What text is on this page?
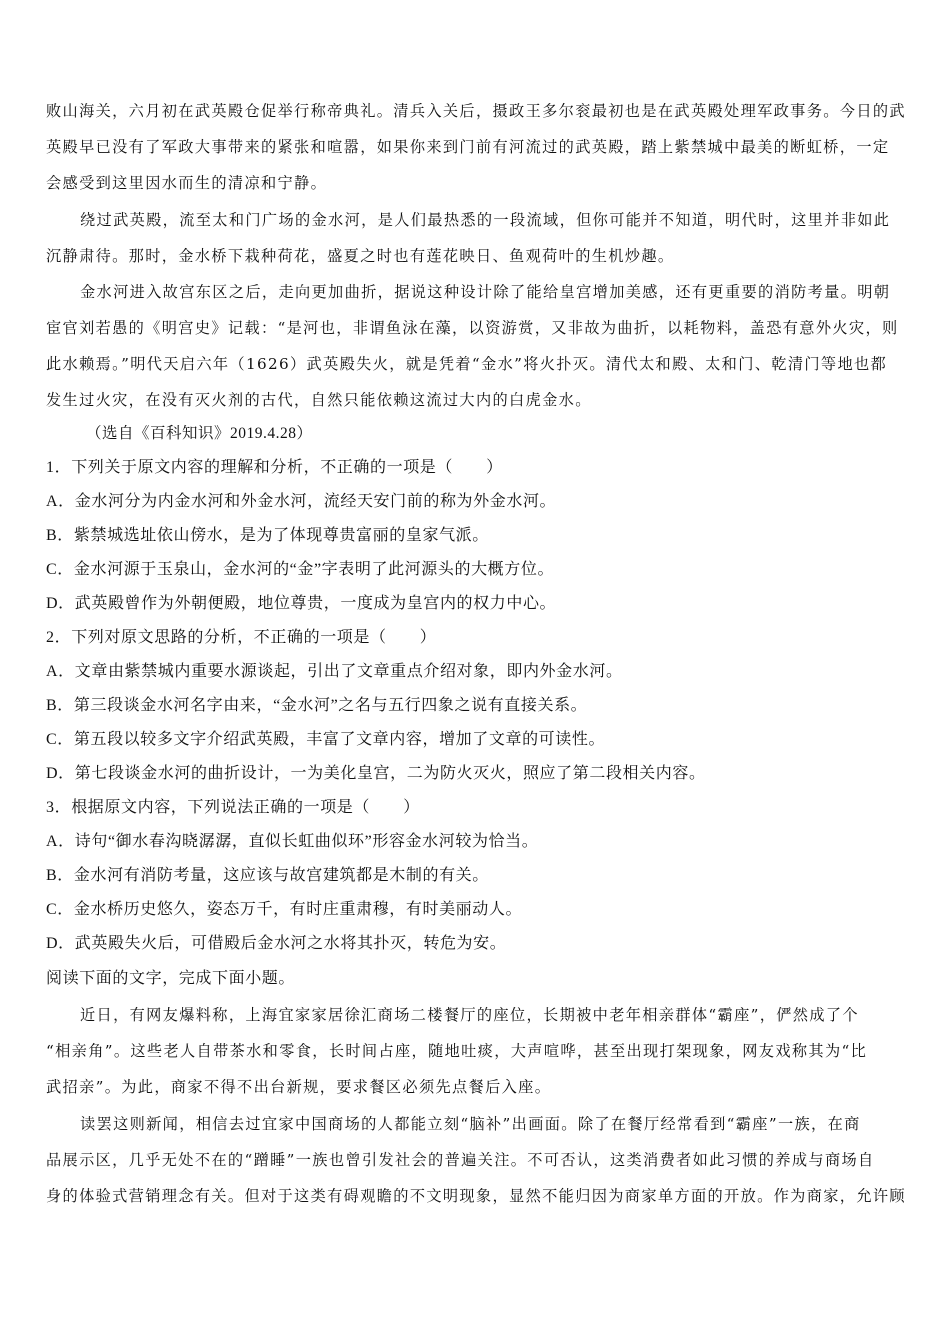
败山海关，六月初在武英殿仓促举行称帝典礼。清兵入关后，摄政王多尔衮最初也是在武英殿处理军政事务。今日的武
英殿早已没有了军政大事带来的紧张和喧嚣，如果你来到门前有河流过的武英殿，踏上紫禁城中最美的断虹桥，一定
会感受到这里因水而生的清凉和宁静。
绕过武英殿，流至太和门广场的金水河，是人们最热悉的一段流域，但你可能并不知道，明代时，这里并非如此
沉静肃待。那时，金水桥下栽种荷花，盛夏之时也有莲花映日、鱼观荷叶的生机炒趣。
金水河进入故宫东区之后，走向更加曲折，据说这种设计除了能给皇宫增加美感，还有更重要的消防考量。明朝
宦官刘若愚的《明宫史》记载：“是河也，非谓鱼泳在藻，以资游赏，又非故为曲折，以耗物料，盖恐有意外火灾，则
此水赖焉。”明代天启六年（1626）武英殿失火，就是凭着“金水”将火扑灭。清代太和殿、太和门、乾清门等地也都
发生过火灾，在没有灭火剂的古代，自然只能依赖这流过大内的白虎金水。
（选自《百科知识》2019.4.28）

1．下列关于原文内容的理解和分析，不正确的一项是（　　）

A．金水河分为内金水河和外金水河，流经天安门前的称为外金水河。

B．紫禁城选址依山傍水，是为了体现尊贵富丽的皇家气派。

C．金水河源于玉泉山，金水河的“金”字表明了此河源头的大概方位。

D．武英殿曾作为外朝便殿，地位尊贵，一度成为皇宫内的权力中心。

2．下列对原文思路的分析，不正确的一项是（　　）

A．文章由紫禁城内重要水源谈起，引出了文章重点介绍对象，即内外金水河。

B．第三段谈金水河名字由来，“金水河”之名与五行四象之说有直接关系。

C．第五段以较多文字介绍武英殿，丰富了文章内容，增加了文章的可读性。

D．第七段谈金水河的曲折设计，一为美化皇宫，二为防火灭火，照应了第二段相关内容。

3．根据原文内容，下列说法正确的一项是（　　）

A．诗句“御水春沟晓潺潺，直似长虹曲似环”形容金水河较为恰当。

B．金水河有消防考量，这应该与故宫建筑都是木制的有关。

C．金水桥历史悠久，姿态万千，有时庄重肃穆，有时美丽动人。

D．武英殿失火后，可借殿后金水河之水将其扑灭，转危为安。

阅读下面的文字，完成下面小题。

近日，有网友爆料称，上海宜家家居徐汇商场二楼餐厅的座位，长期被中老年相亲群体“霸座”，俨然成了个
“相亲角”。这些老人自带茶水和零食，长时间占座，随地吐痰，大声喧哗，甚至出现打架现象，网友戏称其为“比
武招亲”。为此，商家不得不出台新规，要求餐区必须先点餐后入座。
读罢这则新闻，相信去过宜家中国商场的人都能立刻“脑补”出画面。除了在餐厅经常看到“霸座”一族，在商
品展示区，几乎无处不在的“蹭睡”一族也曾引发社会的普遍关注。不可否认，这类消费者如此习惯的养成与商场自
身的体验式营销理念有关。但对于这类有碍观瞻的不文明现象，显然不能归因为商家单方面的开放。作为商家，允许顾
